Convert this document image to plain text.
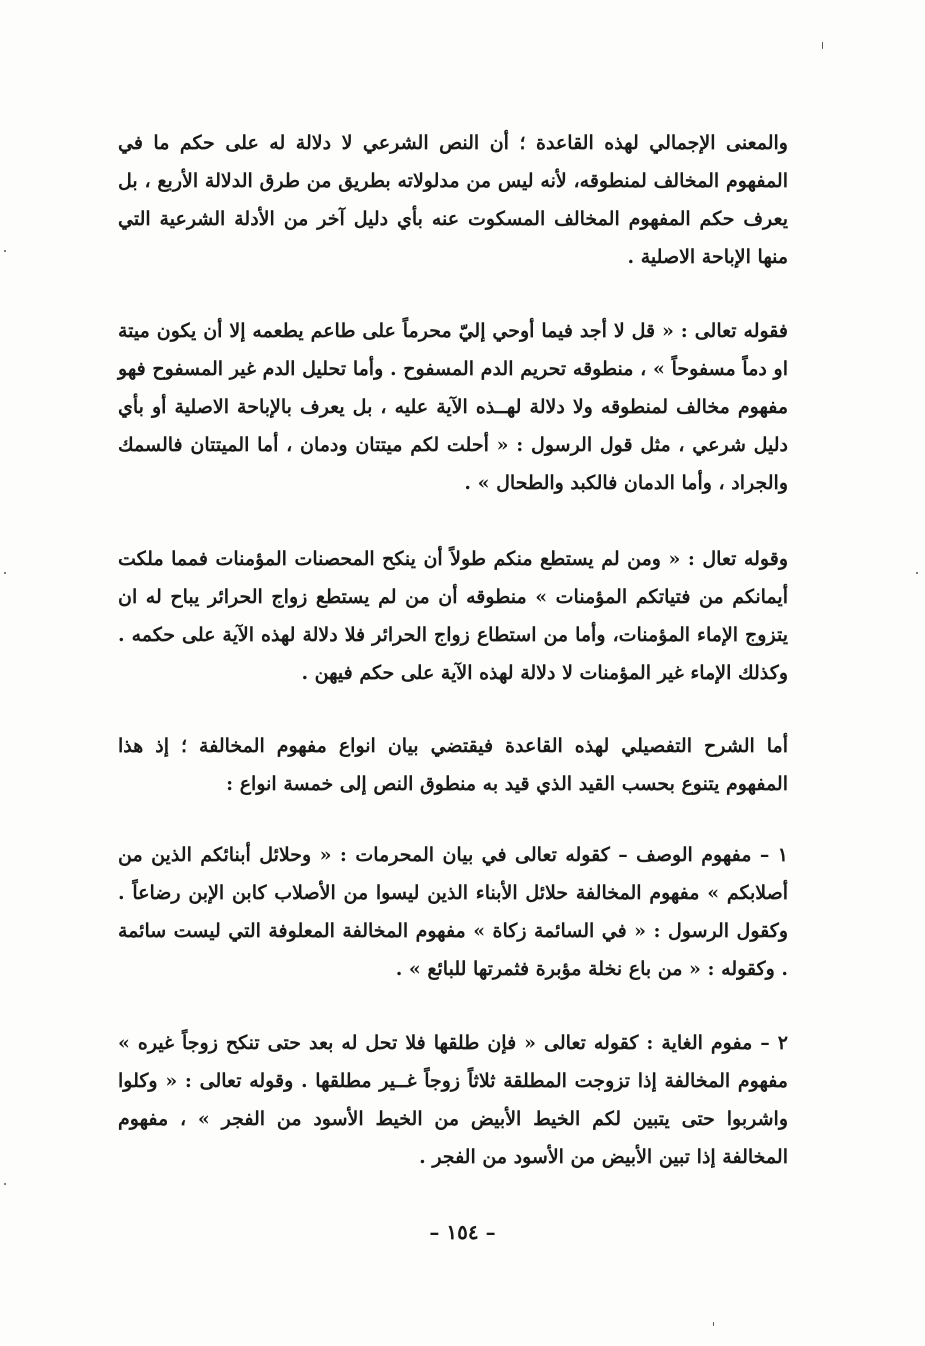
والمعنى الإجمالي لهذه القاعدة ؛ أن النص الشرعي لا دلالة له على حكم ما في المفهوم المخالف لمنطوقه، لأنه ليس من مدلولاته بطريق من طرق الدلالة الأربع ، بل يعرف حكم المفهوم المخالف المسكوت عنه بأي دليل آخر من الأدلة الشرعية التي منها الإباحة الاصلية .

فقوله تعالى : « قل لا أجد فيما أوحي إليّ محرماً على طاعم يطعمه إلا أن يكون ميتة او دماً مسفوحاً » ، منطوقه تحريم الدم المسفوح . وأما تحليل الدم غير المسفوح فهو مفهوم مخالف لمنطوقه ولا دلالة لهــذه الآية عليه ، بل يعرف بالإباحة الاصلية أو بأي دليل شرعي ، مثل قول الرسول : « أحلت لكم ميتتان ودمان ، أما الميتتان فالسمك والجراد ، وأما الدمان فالكبد والطحال » .

وقوله تعال : « ومن لم يستطع منكم طولاً أن ينكح المحصنات المؤمنات فمما ملكت أيمانكم من فتياتكم المؤمنات » منطوقه أن من لم يستطع زواج الحرائر يباح له ان يتزوج الإماء المؤمنات، وأما من استطاع زواج الحرائر فلا دلالة لهذه الآية على حكمه . وكذلك الإماء غير المؤمنات لا دلالة لهذه الآية على حكم فيهن .

أما الشرح التفصيلي لهذه القاعدة فيقتضي بيان انواع مفهوم المخالفة ؛ إذ هذا المفهوم يتنوع بحسب القيد الذي قيد به منطوق النص إلى خمسة انواع :

١ – مفهوم الوصف – كقوله تعالى في بيان المحرمات : « وحلائل أبنائكم الذين من أصلابكم » مفهوم المخالفة حلائل الأبناء الذين ليسوا من الأصلاب كابن الإبن رضاعاً . وكقول الرسول : « في السائمة زكاة » مفهوم المخالفة المعلوفة التي ليست سائمة . وكقوله : « من باع نخلة مؤبرة فثمرتها للبائع » .

٢ – مفوم الغاية : كقوله تعالى « فإن طلقها فلا تحل له بعد حتى تنكح زوجاً غيره » مفهوم المخالفة إذا تزوجت المطلقة ثلاثاً زوجاً غــير مطلقها . وقوله تعالى : « وكلوا واشربوا حتى يتبين لكم الخيط الأبيض من الخيط الأسود من الفجر » ، مفهوم المخالفة إذا تبين الأبيض من الأسود من الفجر .

– ١٥٤ –
